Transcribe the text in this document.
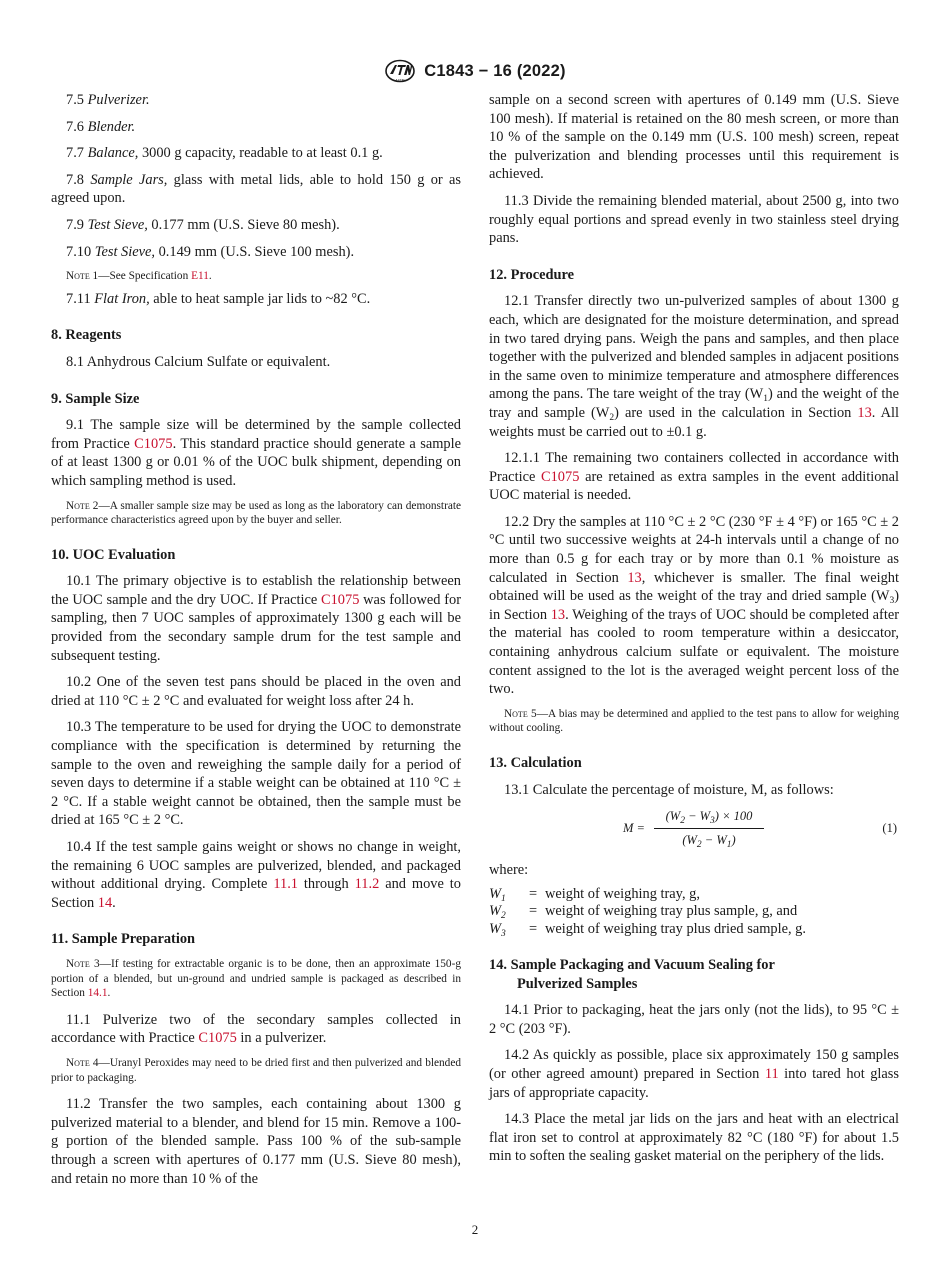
ASTM
C1843 − 16 (2022)

7.5 Pulverizer.

7.6 Blender.

7.7 Balance, 3000 g capacity, readable to at least 0.1 g.

7.8 Sample Jars, glass with metal lids, able to hold 150 g or as agreed upon.

7.9 Test Sieve, 0.177 mm (U.S. Sieve 80 mesh).

7.10 Test Sieve, 0.149 mm (U.S. Sieve 100 mesh).

Note 1—See Specification E11.

7.11 Flat Iron, able to heat sample jar lids to ~82 °C.

8. Reagents

8.1 Anhydrous Calcium Sulfate or equivalent.

9. Sample Size

9.1 The sample size will be determined by the sample collected from Practice C1075. This standard practice should generate a sample of at least 1300 g or 0.01 % of the UOC bulk shipment, depending on which sampling method is used.

Note 2—A smaller sample size may be used as long as the laboratory can demonstrate performance characteristics agreed upon by the buyer and seller.

10. UOC Evaluation

10.1 The primary objective is to establish the relationship between the UOC sample and the dry UOC. If Practice C1075 was followed for sampling, then 7 UOC samples of approximately 1300 g each will be provided from the secondary sample drum for the test sample and subsequent testing.

10.2 One of the seven test pans should be placed in the oven and dried at 110 °C ± 2 °C and evaluated for weight loss after 24 h.

10.3 The temperature to be used for drying the UOC to demonstrate compliance with the specification is determined by returning the sample to the oven and reweighing the sample daily for a period of seven days to determine if a stable weight can be obtained at 110 °C ± 2 °C. If a stable weight cannot be obtained, then the sample must be dried at 165 °C ± 2 °C.

10.4 If the test sample gains weight or shows no change in weight, the remaining 6 UOC samples are pulverized, blended, and packaged without additional drying. Complete 11.1 through 11.2 and move to Section 14.

11. Sample Preparation

Note 3—If testing for extractable organic is to be done, then an approximate 150-g portion of a blended, but un-ground and undried sample is packaged as described in Section 14.1.

11.1 Pulverize two of the secondary samples collected in accordance with Practice C1075 in a pulverizer.

Note 4—Uranyl Peroxides may need to be dried first and then pulverized and blended prior to packaging.

11.2 Transfer the two samples, each containing about 1300 g pulverized material to a blender, and blend for 15 min. Remove a 100-g portion of the blended sample. Pass 100 % of the sub-sample through a screen with apertures of 0.177 mm (U.S. Sieve 80 mesh), and retain no more than 10 % of the

sample on a second screen with apertures of 0.149 mm (U.S. Sieve 100 mesh). If material is retained on the 80 mesh screen, or more than 10 % of the sample on the 0.149 mm (U.S. 100 mesh) screen, repeat the pulverization and blending processes until this requirement is achieved.

11.3 Divide the remaining blended material, about 2500 g, into two roughly equal portions and spread evenly in two stainless steel drying pans.

12. Procedure

12.1 Transfer directly two un-pulverized samples of about 1300 g each, which are designated for the moisture determination, and spread in two tared drying pans. Weigh the pans and samples, and then place together with the pulverized and blended samples in adjacent positions in the same oven to minimize temperature and atmosphere differences among the pans. The tare weight of the tray $(W_1)$ and the weight of the tray and sample $(W_2)$ are used in the calculation in Section 13. All weights must be carried out to ±0.1 g.

12.1.1 The remaining two containers collected in accordance with Practice C1075 are retained as extra samples in the event additional UOC material is needed.

12.2 Dry the samples at 110 °C ± 2 °C (230 °F ± 4 °F) or 165 °C ± 2 °C until two successive weights at 24-h intervals until a change of no more than 0.5 g for each tray or by more than 0.1 % moisture as calculated in Section 13, whichever is smaller. The final weight obtained will be used as the weight of the tray and dried sample $(W_3)$ in Section 13. Weighing of the trays of UOC should be completed after the material has cooled to room temperature within a desiccator, containing anhydrous calcium sulfate or equivalent. The moisture content assigned to the lot is the averaged weight percent loss of the two.

Note 5—A bias may be determined and applied to the test pans to allow for weighing without cooling.

13. Calculation

13.1 Calculate the percentage of moisture, M, as follows:

$M = \frac{(W_2 - W_3) \times 100}{(W_2 - W_1)}$	(1)

where:

$W_1$	= weight of weighing tray, g,
$W_2$	= weight of weighing tray plus sample, g, and
$W_3$	= weight of weighing tray plus dried sample, g.
14. Sample Packaging and Vacuum Sealing for
Pulverized Samples

14.1 Prior to packaging, heat the jars only (not the lids), to 95 °C ± 2 °C (203 °F).

14.2 As quickly as possible, place six approximately 150 g samples (or other agreed amount) prepared in Section 11 into tared hot glass jars of appropriate capacity.

14.3 Place the metal jar lids on the jars and heat with an electrical flat iron set to control at approximately 82 °C (180 °F) for about 1.5 min to soften the sealing gasket material on the periphery of the lids.

2
